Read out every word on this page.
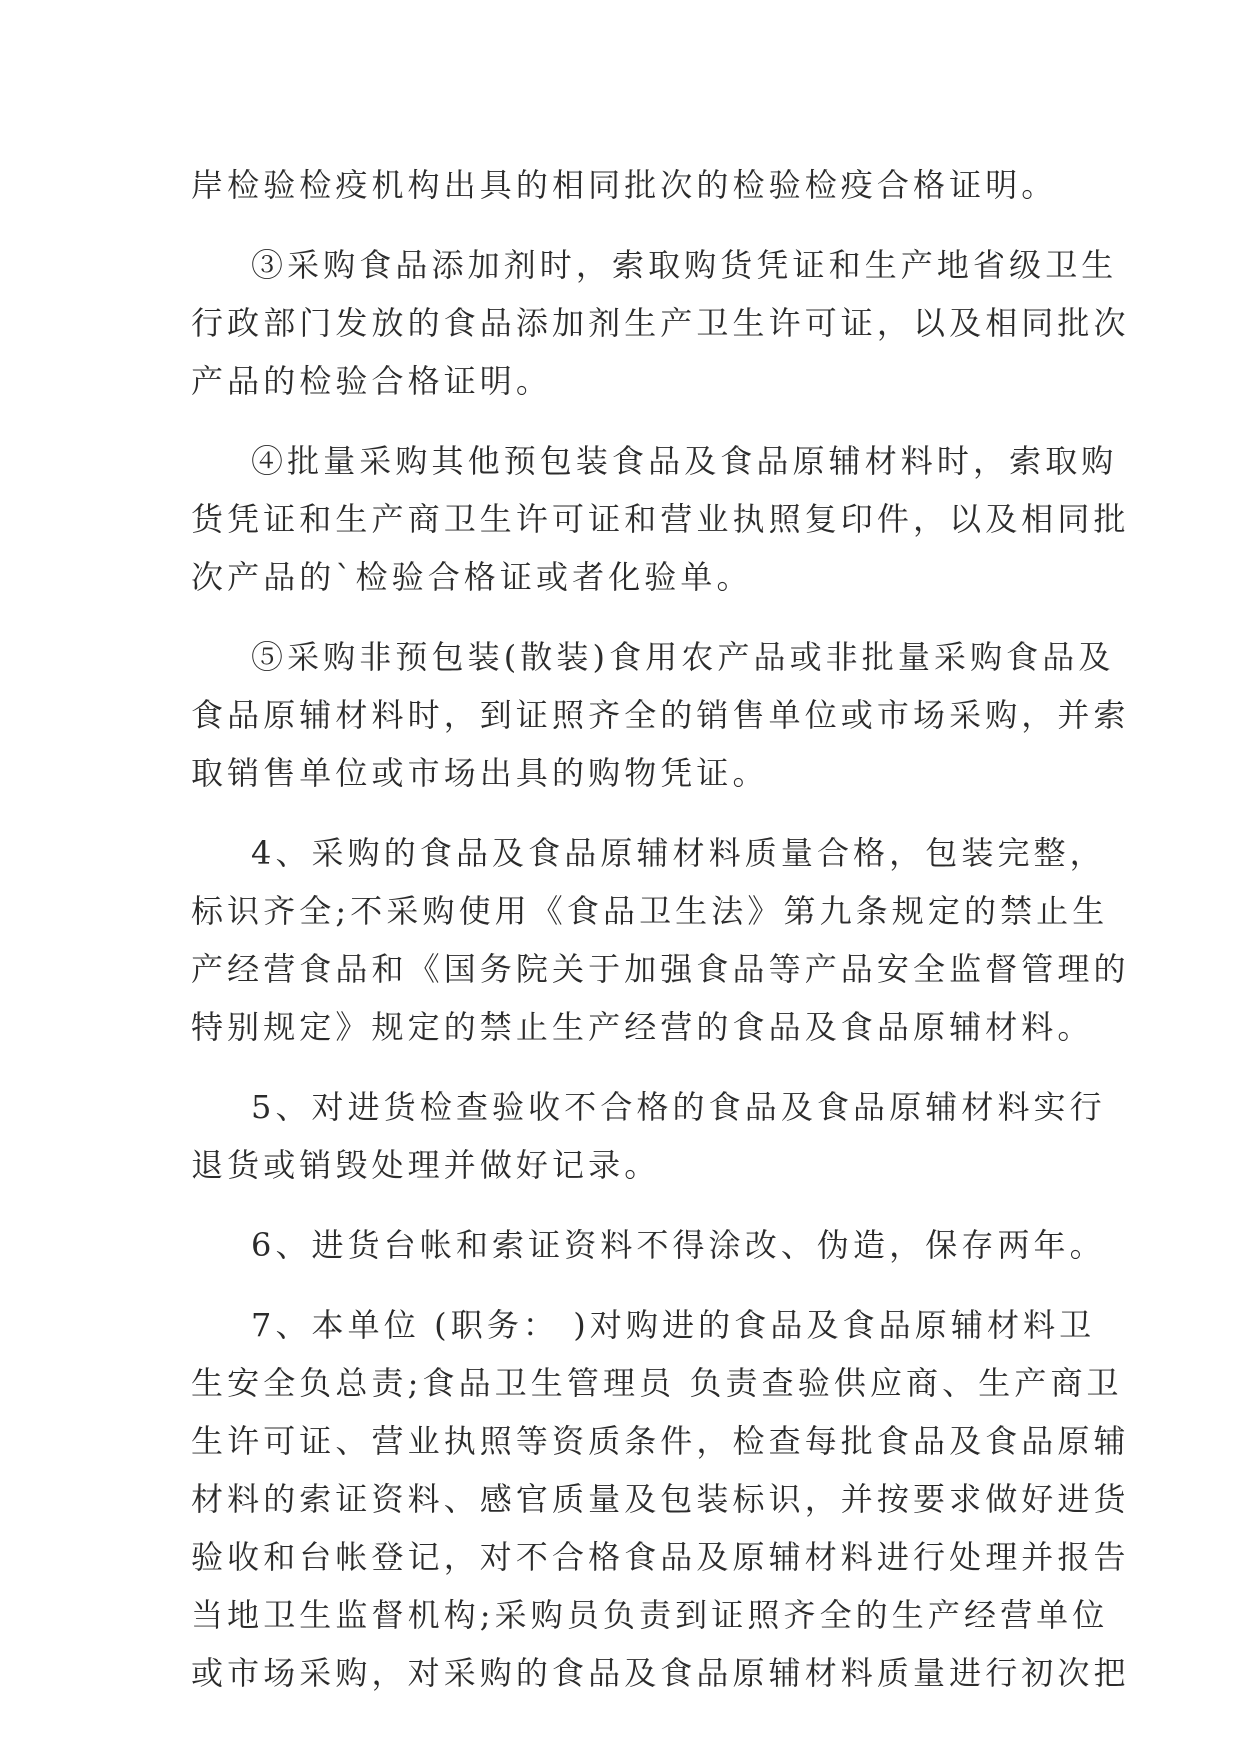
岸检验检疫机构出具的相同批次的检验检疫合格证明。
③采购食品添加剂时，索取购货凭证和生产地省级卫生
行政部门发放的食品添加剂生产卫生许可证，以及相同批次
产品的检验合格证明。
④批量采购其他预包装食品及食品原辅材料时，索取购
货凭证和生产商卫生许可证和营业执照复印件，以及相同批
次产品的`检验合格证或者化验单。
⑤采购非预包装(散装)食用农产品或非批量采购食品及
食品原辅材料时，到证照齐全的销售单位或市场采购，并索
取销售单位或市场出具的购物凭证。
4、采购的食品及食品原辅材料质量合格，包装完整，
标识齐全;不采购使用《食品卫生法》第九条规定的禁止生
产经营食品和《国务院关于加强食品等产品安全监督管理的
特别规定》规定的禁止生产经营的食品及食品原辅材料。
5、对进货检查验收不合格的食品及食品原辅材料实行
退货或销毁处理并做好记录。
6、进货台帐和索证资料不得涂改、伪造，保存两年。
7、本单位 (职务： )对购进的食品及食品原辅材料卫
生安全负总责;食品卫生管理员 负责查验供应商、生产商卫
生许可证、营业执照等资质条件，检查每批食品及食品原辅
材料的索证资料、感官质量及包装标识，并按要求做好进货
验收和台帐登记，对不合格食品及原辅材料进行处理并报告
当地卫生监督机构;采购员负责到证照齐全的生产经营单位
或市场采购，对采购的食品及食品原辅材料质量进行初次把
